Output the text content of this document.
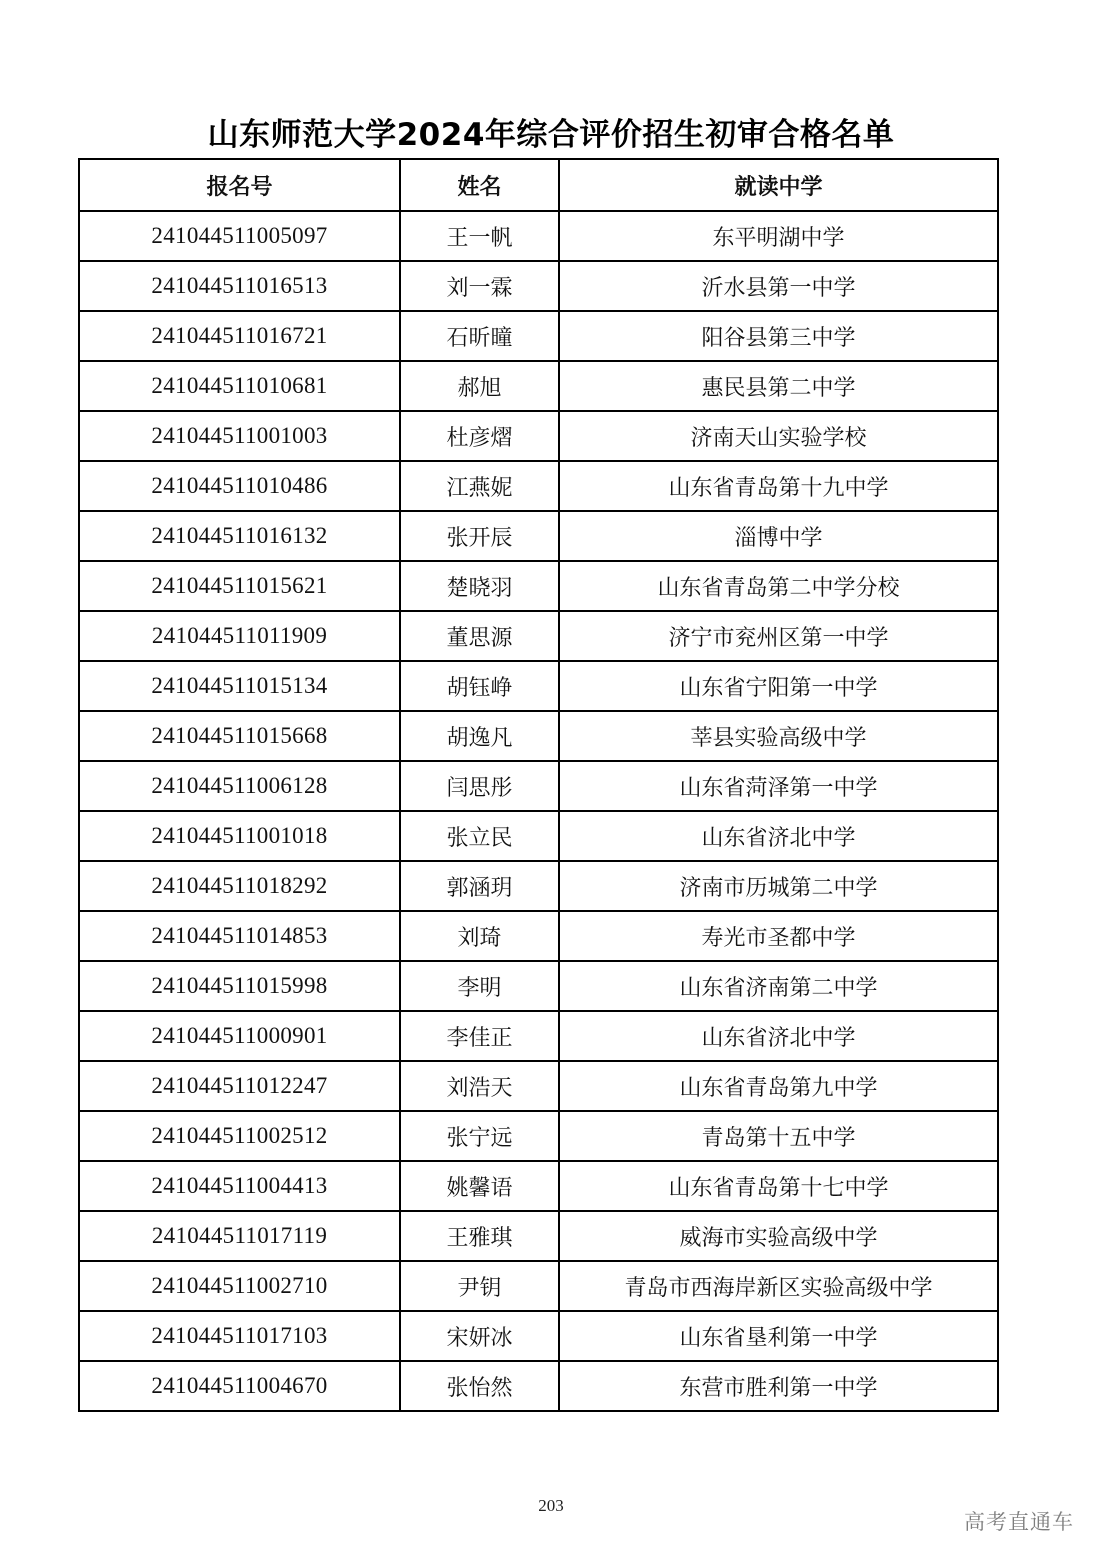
山东师范大学2024年综合评价招生初审合格名单
报名号	姓名	就读中学
241044511005097	王一帆	东平明湖中学
241044511016513	刘一霖	沂水县第一中学
241044511016721	石昕曈	阳谷县第三中学
241044511010681	郝旭	惠民县第二中学
241044511001003	杜彦熠	济南天山实验学校
241044511010486	江燕妮	山东省青岛第十九中学
241044511016132	张开辰	淄博中学
241044511015621	楚晓羽	山东省青岛第二中学分校
241044511011909	董思源	济宁市兖州区第一中学
241044511015134	胡钰峥	山东省宁阳第一中学
241044511015668	胡逸凡	莘县实验高级中学
241044511006128	闫思彤	山东省菏泽第一中学
241044511001018	张立民	山东省济北中学
241044511018292	郭涵玥	济南市历城第二中学
241044511014853	刘琦	寿光市圣都中学
241044511015998	李明	山东省济南第二中学
241044511000901	李佳正	山东省济北中学
241044511012247	刘浩天	山东省青岛第九中学
241044511002512	张宁远	青岛第十五中学
241044511004413	姚馨语	山东省青岛第十七中学
241044511017119	王雅琪	威海市实验高级中学
241044511002710	尹钥	青岛市西海岸新区实验高级中学
241044511017103	宋妍冰	山东省垦利第一中学
241044511004670	张怡然	东营市胜利第一中学
203
高考直通车
